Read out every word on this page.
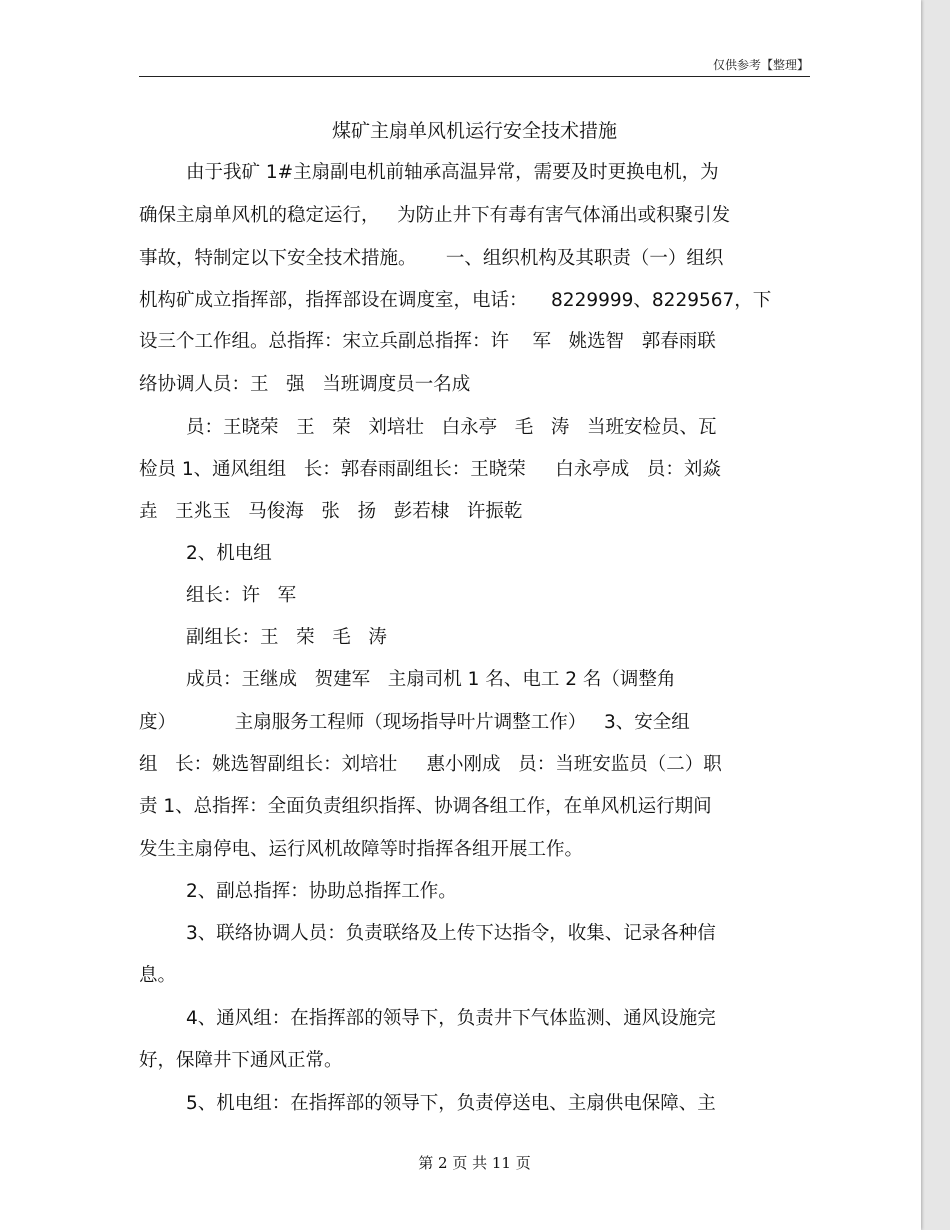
仅供参考【整理】
煤矿主扇单风机运行安全技术措施
由于我矿 1#主扇副电机前轴承高温异常，需要及时更换电机，为
确保主扇单风机的稳定运行，   为防止井下有毒有害气体涌出或积聚引发
事故，特制定以下安全技术措施。     一、组织机构及其职责（一）组织
机构矿成立指挥部，指挥部设在调度室，电话：    8229999、8229567，下
设三个工作组。总指挥：宋立兵副总指挥：许    军   姚选智   郭春雨联
络协调人员：王   强   当班调度员一名成
员：王晓荣   王   荣   刘培壮   白永亭   毛   涛   当班安检员、瓦
检员 1、通风组组   长：郭春雨副组长：王晓荣     白永亭成   员：刘焱
垚   王兆玉   马俊海   张   扬   彭若棣   许振乾
2、机电组
组长：许   军
副组长：王   荣   毛   涛
成员：王继成   贺建军   主扇司机 1 名、电工 2 名（调整角
度）          主扇服务工程师（现场指导叶片调整工作）   3、安全组
组   长：姚选智副组长：刘培壮     惠小刚成   员：当班安监员（二）职
责 1、总指挥：全面负责组织指挥、协调各组工作，在单风机运行期间
发生主扇停电、运行风机故障等时指挥各组开展工作。
2、副总指挥：协助总指挥工作。
3、联络协调人员：负责联络及上传下达指令，收集、记录各种信
息。
4、通风组：在指挥部的领导下，负责井下气体监测、通风设施完
好，保障井下通风正常。
5、机电组：在指挥部的领导下，负责停送电、主扇供电保障、主
第 2 页 共 11 页
